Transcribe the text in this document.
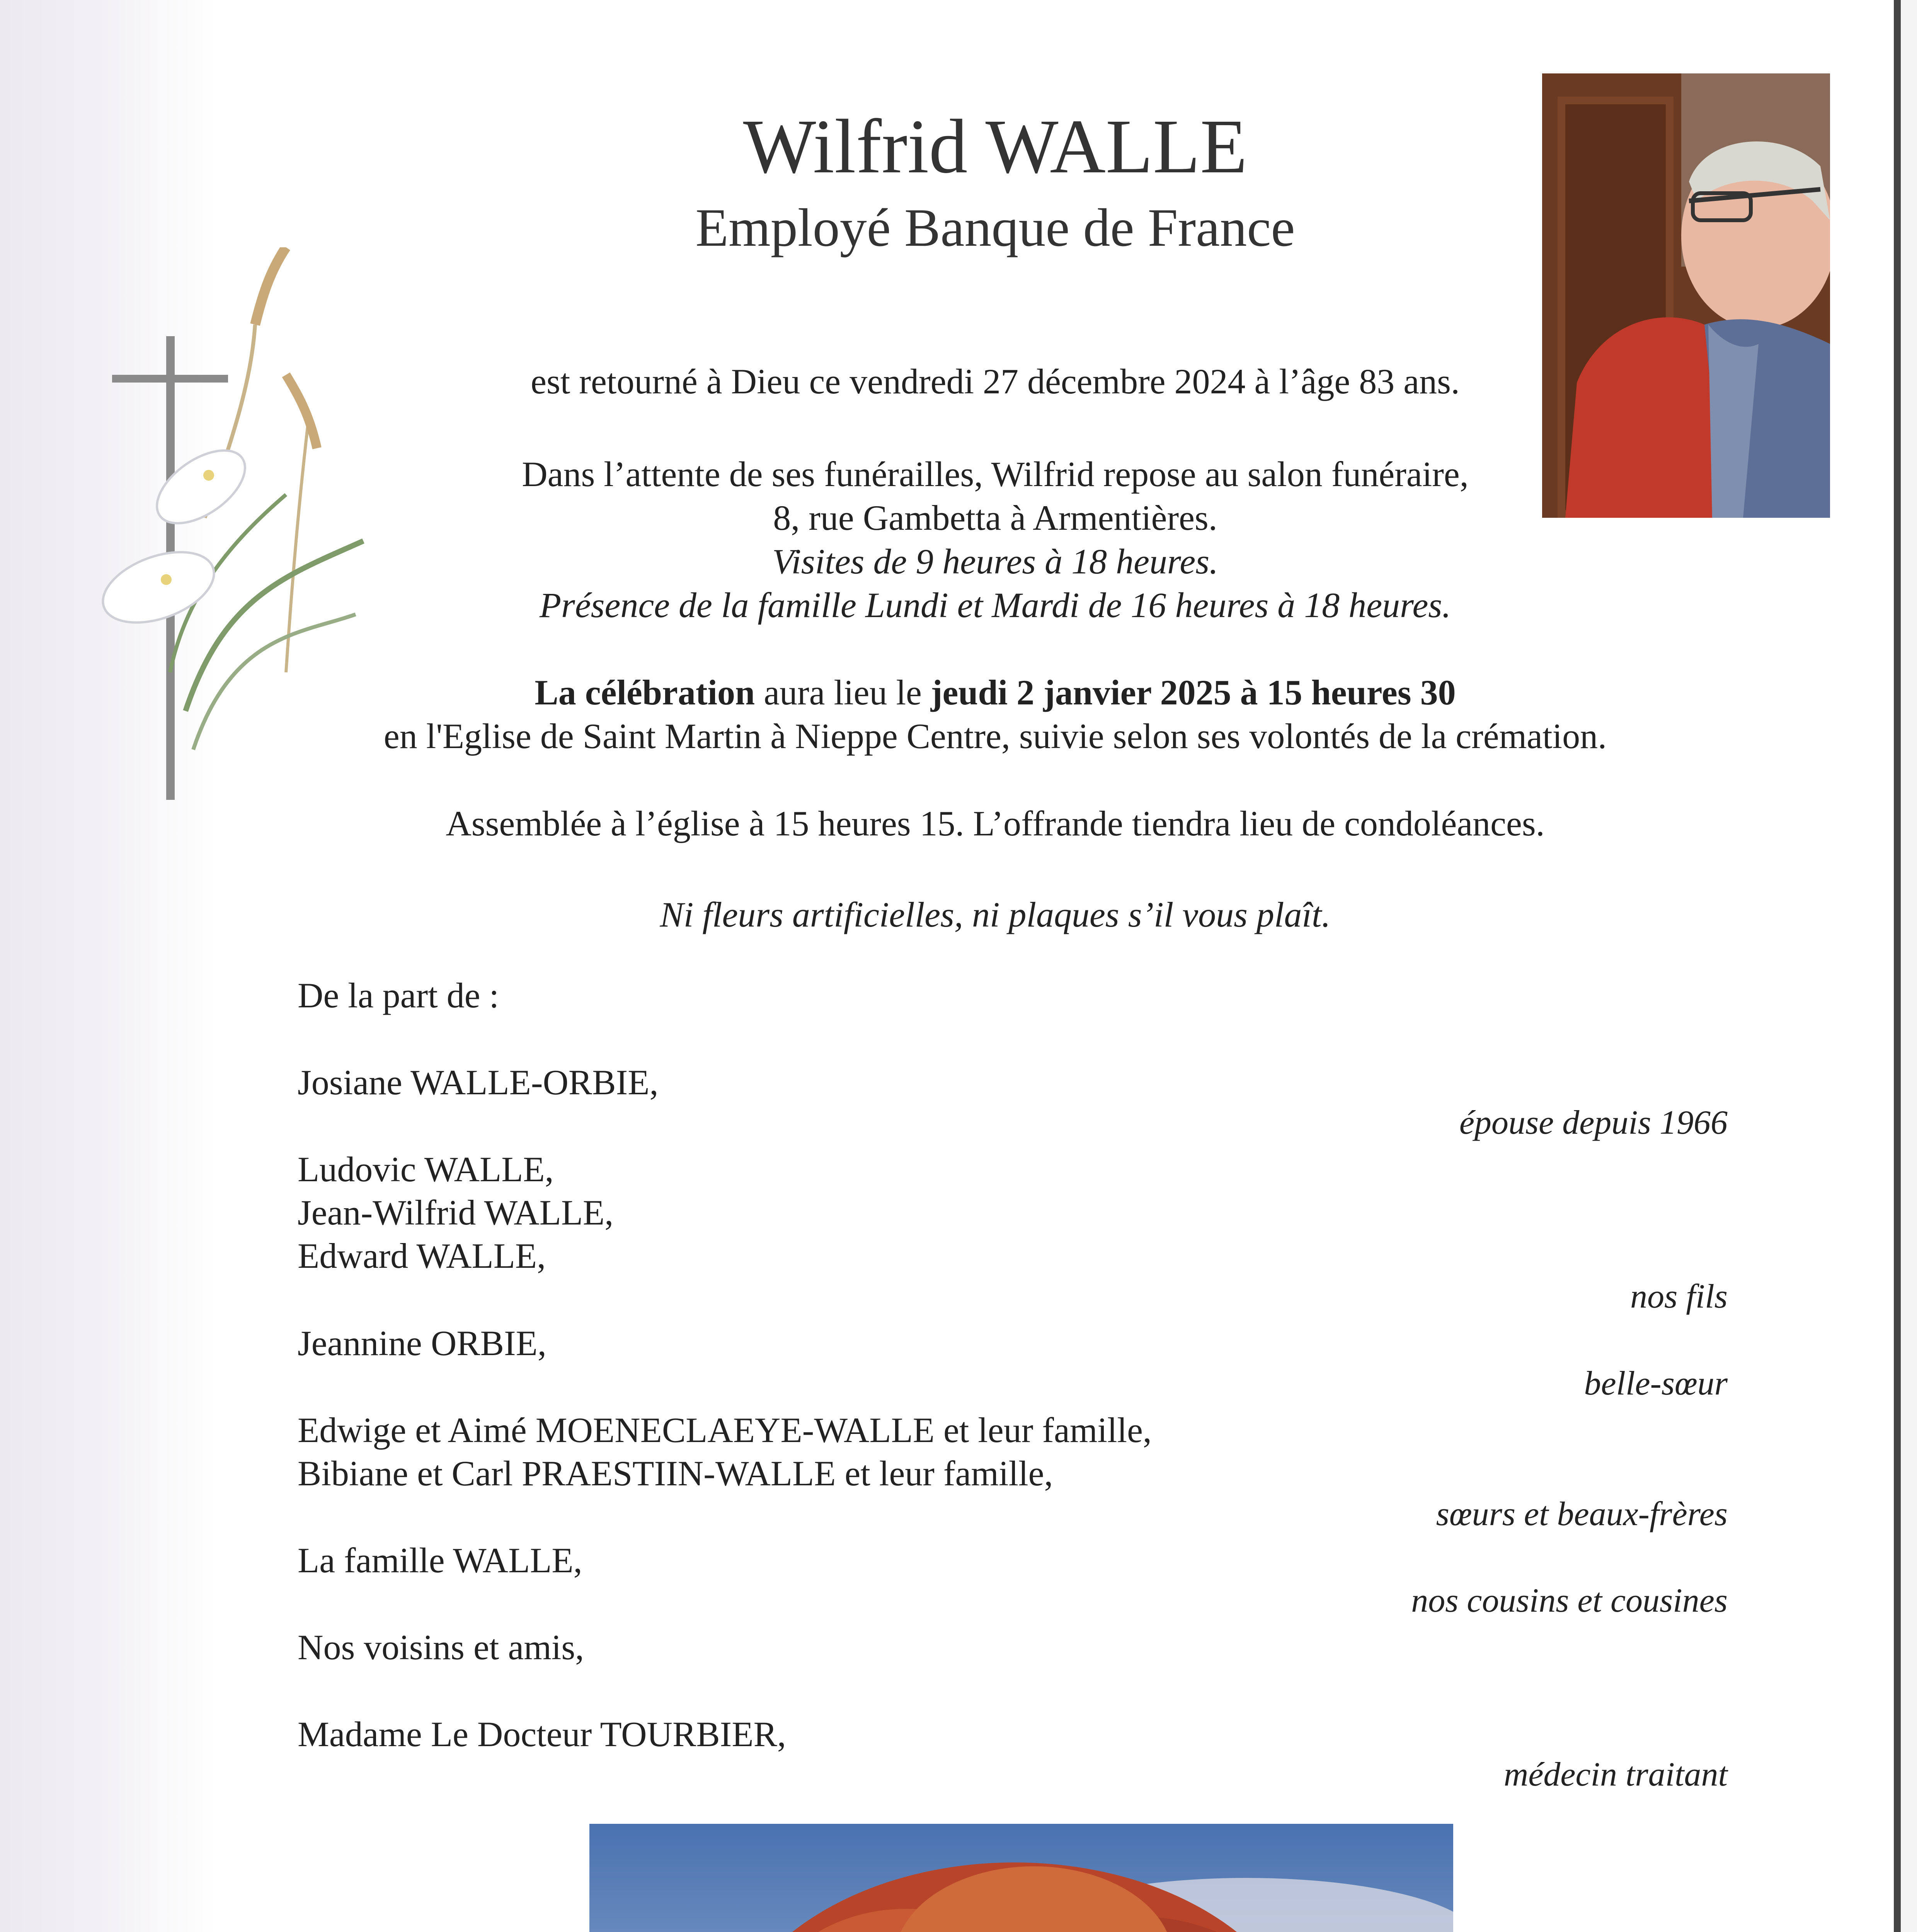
Wilfrid WALLE
Employé Banque de France
est retourné à Dieu ce vendredi 27 décembre 2024 à l’âge 83 ans.
Dans l’attente de ses funérailles, Wilfrid repose au salon funéraire,
8, rue Gambetta à Armentières.
Visites de 9 heures à 18 heures.
Présence de la famille Lundi et Mardi de 16 heures à 18 heures.
La célébration aura lieu le jeudi 2 janvier 2025 à 15 heures 30
en l'Eglise de Saint Martin à Nieppe Centre, suivie selon ses volontés de la crémation.
Assemblée à l’église à 15 heures 15. L’offrande tiendra lieu de condoléances.
Ni fleurs artificielles, ni plaques s’il vous plaît.
De la part de :
Josiane WALLE-ORBIE,
épouse depuis 1966
Ludovic WALLE,
Jean-Wilfrid WALLE,
Edward WALLE,
nos fils
Jeannine ORBIE,
belle-sœur
Edwige et Aimé MOENECLAEYE-WALLE et leur famille,
Bibiane et Carl PRAESTIIN-WALLE et leur famille,
sœurs et beaux-frères
La famille WALLE,
nos cousins et cousines
Nos voisins et amis,
Madame Le Docteur TOURBIER,
médecin traitant
